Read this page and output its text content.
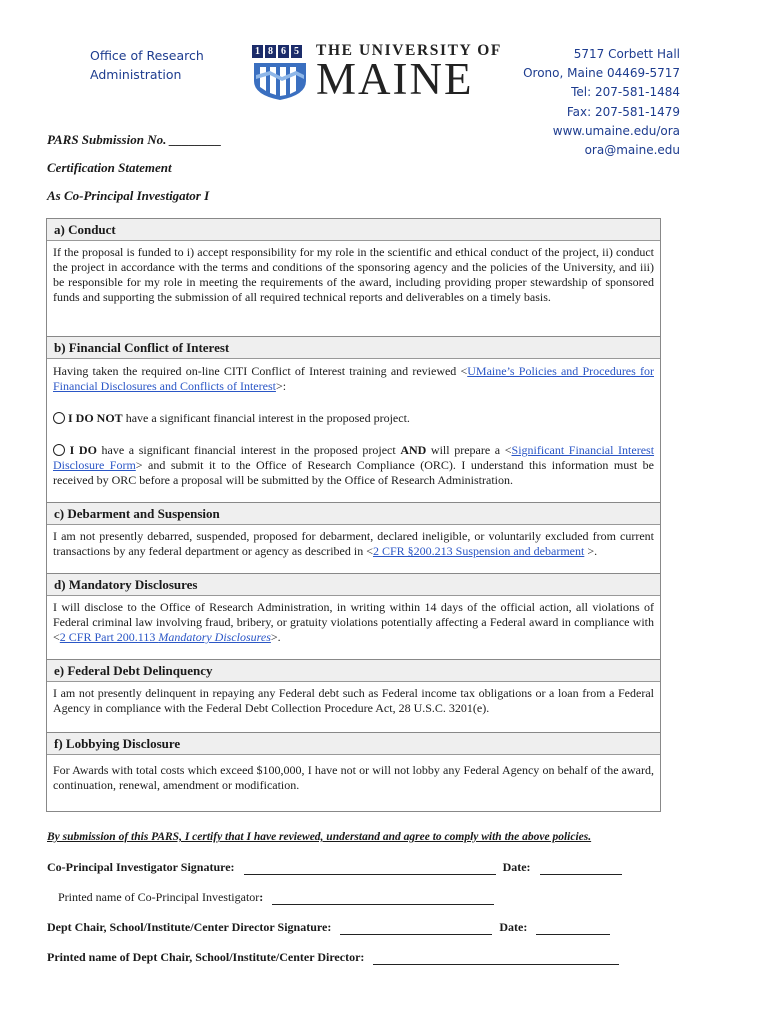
Office of Research
Administration
1 8 6 5 THE UNIVERSITY OF
MAINE	5717 Corbett Hall
Orono, Maine 04469-5717
Tel: 207-581-1484
Fax: 207-581-1479
www.umaine.edu/ora
ora@maine.edu
PARS Submission No. ________
Certification Statement
As Co-Principal Investigator I
a) Conduct
If the proposal is funded to i) accept responsibility for my role in the scientific and ethical conduct of the project, ii) conduct the project in accordance with the terms and conditions of the sponsoring agency and the policies of the University, and iii) be responsible for my role in meeting the requirements of the award, including providing proper stewardship of sponsored funds and supporting the submission of all required technical reports and deliverables on a timely basis.
b) Financial Conflict of Interest
Having taken the required on-line CITI Conflict of Interest training and reviewed <UMaine’s Policies and Procedures for Financial Disclosures and Conflicts of Interest>:
I DO NOT have a significant financial interest in the proposed project.
I DO have a significant financial interest in the proposed project AND will prepare a <Significant Financial Interest Disclosure Form> and submit it to the Office of Research Compliance (ORC). I understand this information must be received by ORC before a proposal will be submitted by the Office of Research Administration.
c) Debarment and Suspension
I am not presently debarred, suspended, proposed for debarment, declared ineligible, or voluntarily excluded from current transactions by any federal department or agency as described in <2 CFR §200.213 Suspension and debarment >.
d) Mandatory Disclosures
I will disclose to the Office of Research Administration, in writing within 14 days of the official action, all violations of Federal criminal law involving fraud, bribery, or gratuity violations potentially affecting a Federal award in compliance with <2 CFR Part 200.113 Mandatory Disclosures>.
e) Federal Debt Delinquency
I am not presently delinquent in repaying any Federal debt such as Federal income tax obligations or a loan from a Federal Agency in compliance with the Federal Debt Collection Procedure Act, 28 U.S.C. 3201(e).
f) Lobbying Disclosure
For Awards with total costs which exceed $100,000, I have not or will not lobby any Federal Agency on behalf of the award, continuation, renewal, amendment or modification.
By submission of this PARS, I certify that I have reviewed, understand and agree to comply with the above policies.
Co-Principal Investigator Signature:	Date:
Printed name of Co-Principal Investigator:
Dept Chair, School/Institute/Center Director Signature:	Date:
Printed name of Dept Chair, School/Institute/Center Director:
